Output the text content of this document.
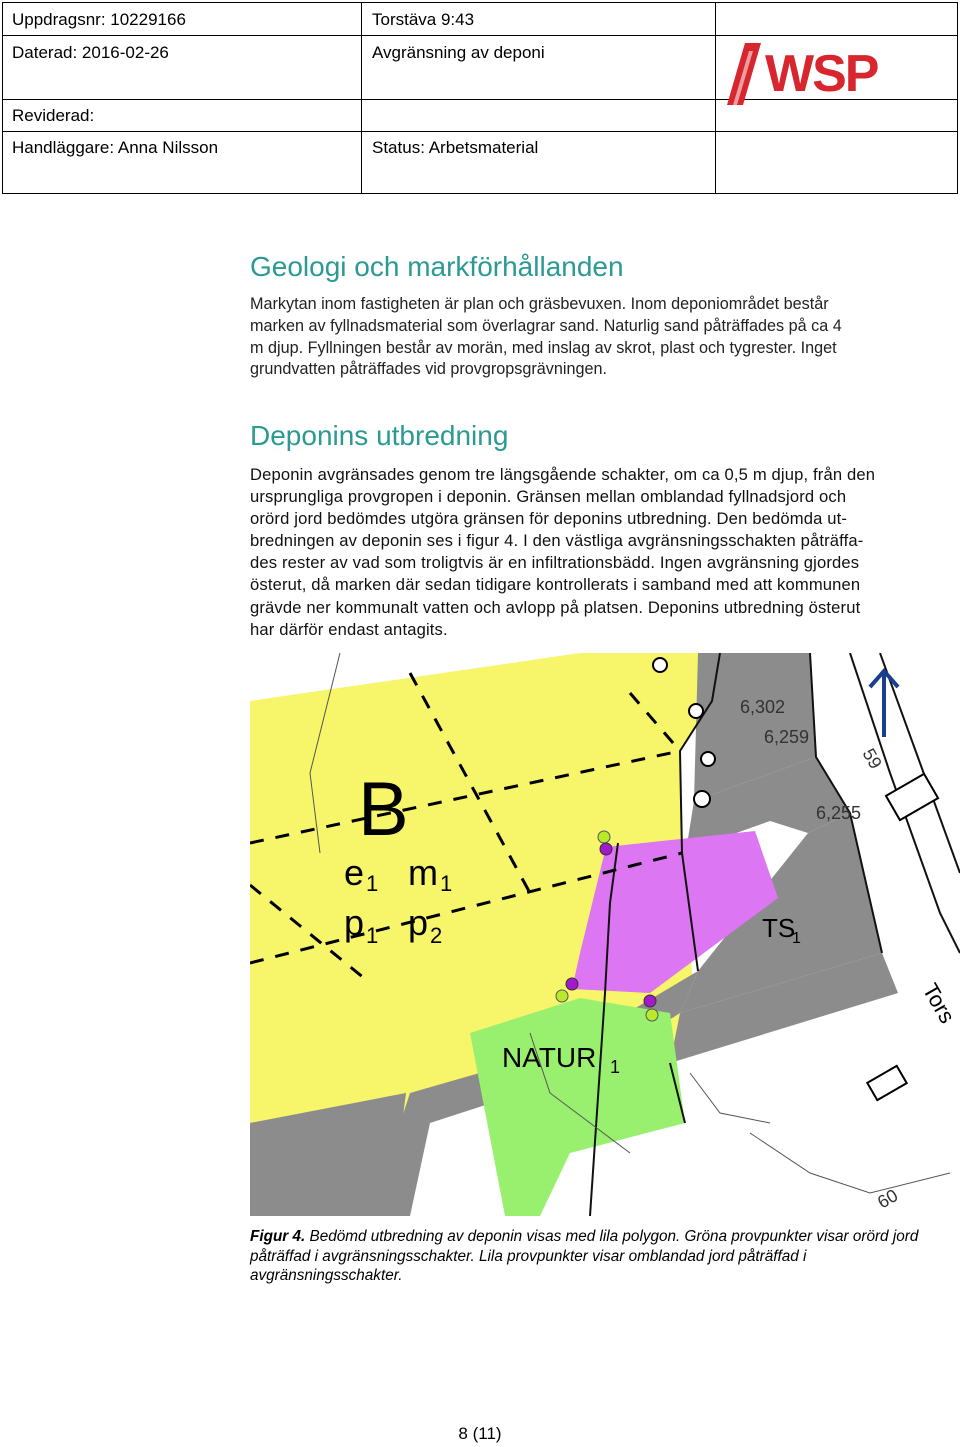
Uppdragsnr: 10229166
Daterad: 2016-02-26
Reviderad:
Handläggare: Anna Nilsson
Torstäva 9:43
Avgränsning av deponi
Status: Arbetsmaterial
WSP
Geologi och markförhållanden
Markytan inom fastigheten är plan och gräsbevuxen. Inom deponiområdet består
marken av fyllnadsmaterial som överlagrar sand. Naturlig sand påträffades på ca 4
m djup. Fyllningen består av morän, med inslag av skrot, plast och tygrester. Inget
grundvatten påträffades vid provgropsgrävningen.
Deponins utbredning
Deponin avgränsades genom tre längsgående schakter, om ca 0,5 m djup, från den
ursprungliga provgropen i deponin. Gränsen mellan omblandad fyllnadsjord och
orörd jord bedömdes utgöra gränsen för deponins utbredning. Den bedömda ut-
bredningen av deponin ses i figur 4. I den västliga avgränsningsschakten påträffa-
des rester av vad som troligtvis är en infiltrationsbädd. Ingen avgränsning gjordes
österut, då marken där sedan tidigare kontrollerats i samband med att kommunen
grävde ner kommunalt vatten och avlopp på platsen. Deponins utbredning österut
har därför endast antagits.
B
e 1 m 1
p 1 p 2
NATUR 1
TS
1
Tors
6,302
6,259
6,255
59
60

Figur 4. Bedömd utbredning av deponin visas med lila polygon. Gröna provpunkter visar orörd jord påträffad i avgränsningsschakter. Lila provpunkter visar omblandad jord påträffad i avgränsningsschakter.

8 (11)
